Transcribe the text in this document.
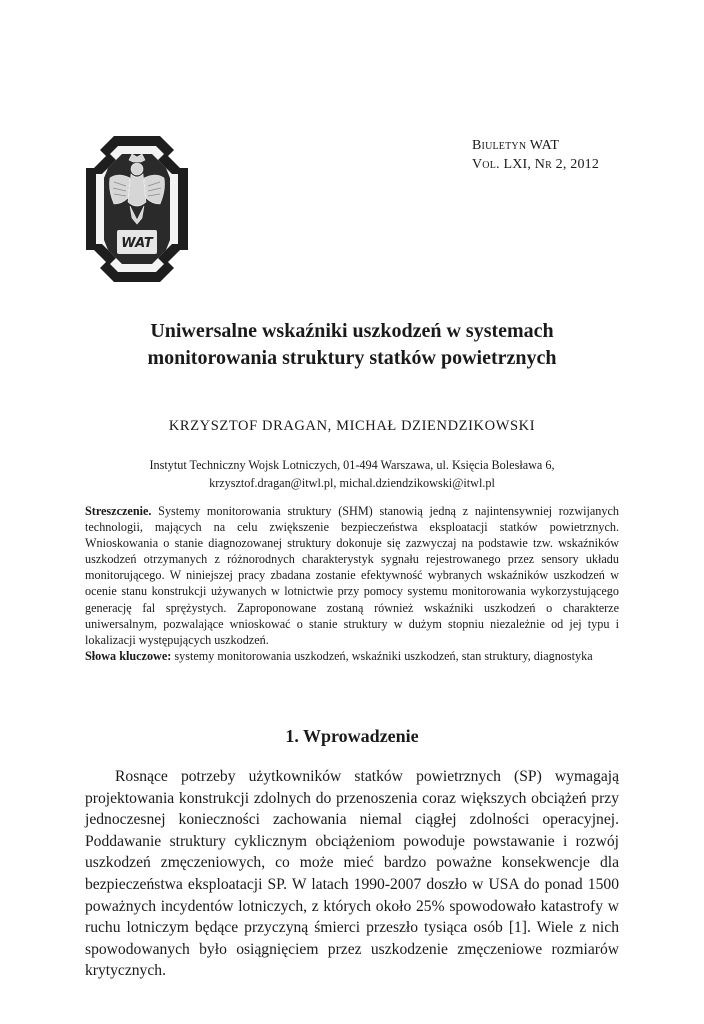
WAT
Biuletyn WAT
Vol. LXI, Nr 2, 2012
Uniwersalne wskaźniki uszkodzeń w systemach
monitorowania struktury statków powietrznych
KRZYSZTOF DRAGAN, MICHAŁ DZIENDZIKOWSKI
Instytut Techniczny Wojsk Lotniczych, 01-494 Warszawa, ul. Księcia Bolesława 6,
krzysztof.dragan@itwl.pl, michal.dziendzikowski@itwl.pl
Streszczenie. Systemy monitorowania struktury (SHM) stanowią jedną z najintensywniej rozwijanych technologii, mających na celu zwiększenie bezpieczeństwa eksploatacji statków powietrznych. Wnioskowania o stanie diagnozowanej struktury dokonuje się zazwyczaj na podstawie tzw. wskaźników uszkodzeń otrzymanych z różnorodnych charakterystyk sygnału rejestrowanego przez sensory układu monitorującego. W niniejszej pracy zbadana zostanie efektywność wybranych wskaźników uszkodzeń w ocenie stanu konstrukcji używanych w lotnictwie przy pomocy systemu monitorowania wykorzystującego generację fal sprężystych. Zaproponowane zostaną również wskaźniki uszkodzeń o charakterze uniwersalnym, pozwalające wnioskować o stanie struktury w dużym stopniu niezależnie od jej typu i lokalizacji występujących uszkodzeń.
Słowa kluczowe: systemy monitorowania uszkodzeń, wskaźniki uszkodzeń, stan struktury, diagnostyka
1. Wprowadzenie
Rosnące potrzeby użytkowników statków powietrznych (SP) wymagają projektowania konstrukcji zdolnych do przenoszenia coraz większych obciążeń przy jednoczesnej konieczności zachowania niemal ciągłej zdolności operacyjnej. Poddawanie struktury cyklicznym obciążeniom powoduje powstawanie i rozwój uszkodzeń zmęczeniowych, co może mieć bardzo poważne konsekwencje dla bezpieczeństwa eksploatacji SP. W latach 1990-2007 doszło w USA do ponad 1500 poważnych incydentów lotniczych, z których około 25% spowodowało katastrofy w ruchu lotniczym będące przyczyną śmierci przeszło tysiąca osób [1]. Wiele z nich spowodowanych było osiągnięciem przez uszkodzenie zmęczeniowe rozmiarów krytycznych.
